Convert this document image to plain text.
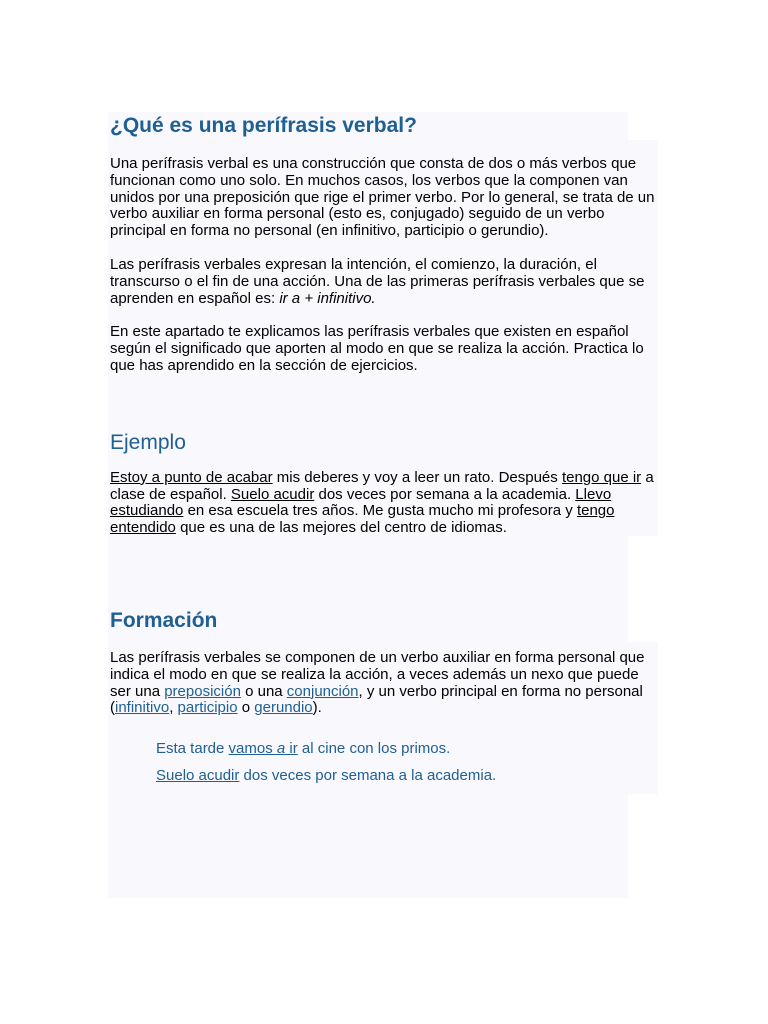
¿Qué es una perífrasis verbal?

Una perífrasis verbal es una construcción que consta de dos o más verbos que funcionan como uno solo. En muchos casos, los verbos que la componen van unidos por una preposición que rige el primer verbo. Por lo general, se trata de un verbo auxiliar en forma personal (esto es, conjugado) seguido de un verbo principal en forma no personal (en infinitivo, participio o gerundio).

Las perífrasis verbales expresan la intención, el comienzo, la duración, el transcurso o el fin de una acción. Una de las primeras perífrasis verbales que se aprenden en español es: ir a + infinitivo.

En este apartado te explicamos las perífrasis verbales que existen en español según el significado que aporten al modo en que se realiza la acción. Practica lo que has aprendido en la sección de ejercicios.

Ejemplo

Estoy a punto de acabar mis deberes y voy a leer un rato. Después tengo que ir a clase de español. Suelo acudir dos veces por semana a la academia. Llevo estudiando en esa escuela tres años. Me gusta mucho mi profesora y tengo entendido que es una de las mejores del centro de idiomas.

Formación

Las perífrasis verbales se componen de un verbo auxiliar en forma personal que indica el modo en que se realiza la acción, a veces además un nexo que puede ser una preposición o una conjunción, y un verbo principal en forma no personal (infinitivo, participio o gerundio).

Esta tarde vamos a ir al cine con los primos.
Suelo acudir dos veces por semana a la academia.
